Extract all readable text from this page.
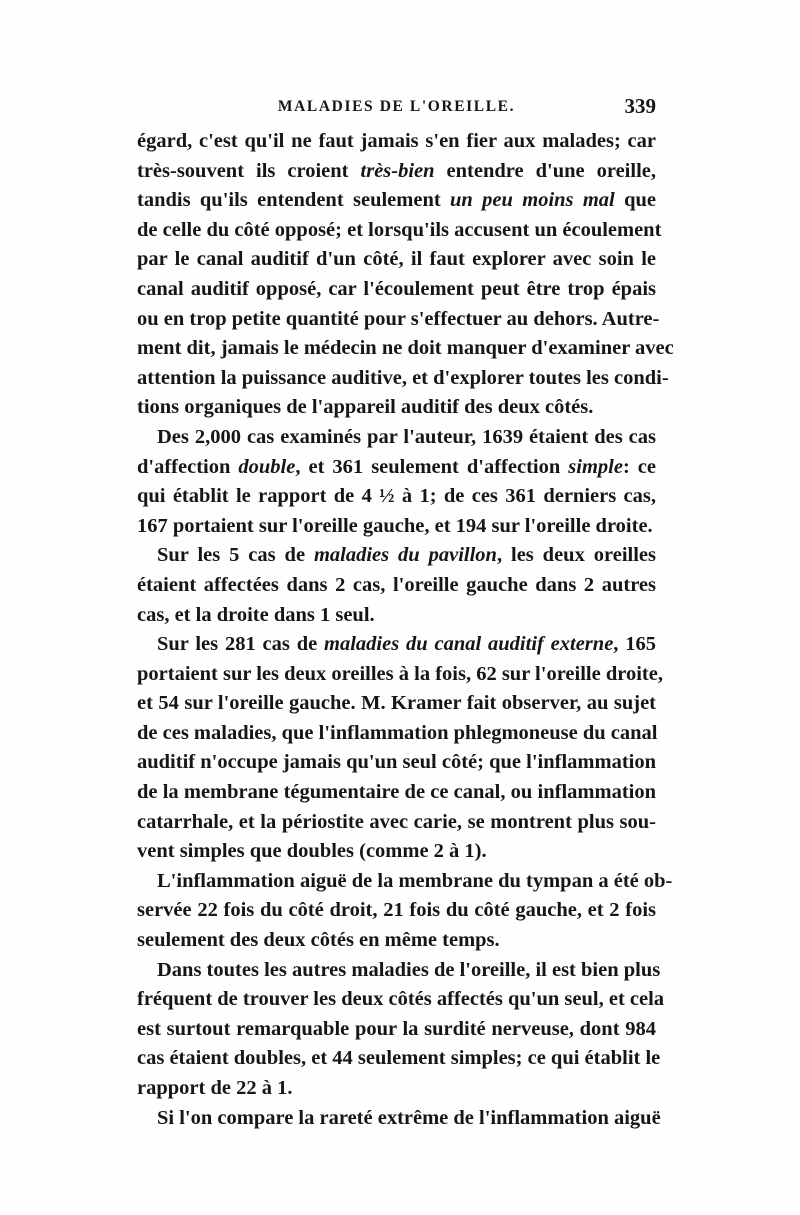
MALADIES DE L'OREILLE.	339
égard, c'est qu'il ne faut jamais s'en fier aux malades; car
très-souvent ils croient très-bien entendre d'une oreille,
tandis qu'ils entendent seulement un peu moins mal que
de celle du côté opposé; et lorsqu'ils accusent un écoulement
par le canal auditif d'un côté, il faut explorer avec soin le
canal auditif opposé, car l'écoulement peut être trop épais
ou en trop petite quantité pour s'effectuer au dehors. Autre-
ment dit, jamais le médecin ne doit manquer d'examiner avec
attention la puissance auditive, et d'explorer toutes les condi-
tions organiques de l'appareil auditif des deux côtés.
Des 2,000 cas examinés par l'auteur, 1639 étaient des cas
d'affection double, et 361 seulement d'affection simple: ce
qui établit le rapport de 4 ½ à 1; de ces 361 derniers cas,
167 portaient sur l'oreille gauche, et 194 sur l'oreille droite.
Sur les 5 cas de maladies du pavillon, les deux oreilles
étaient affectées dans 2 cas, l'oreille gauche dans 2 autres
cas, et la droite dans 1 seul.
Sur les 281 cas de maladies du canal auditif externe, 165
portaient sur les deux oreilles à la fois, 62 sur l'oreille droite,
et 54 sur l'oreille gauche. M. Kramer fait observer, au sujet
de ces maladies, que l'inflammation phlegmoneuse du canal
auditif n'occupe jamais qu'un seul côté; que l'inflammation
de la membrane tégumentaire de ce canal, ou inflammation
catarrhale, et la périostite avec carie, se montrent plus sou-
vent simples que doubles (comme 2 à 1).
L'inflammation aiguë de la membrane du tympan a été ob-
servée 22 fois du côté droit, 21 fois du côté gauche, et 2 fois
seulement des deux côtés en même temps.
Dans toutes les autres maladies de l'oreille, il est bien plus
fréquent de trouver les deux côtés affectés qu'un seul, et cela
est surtout remarquable pour la surdité nerveuse, dont 984
cas étaient doubles, et 44 seulement simples; ce qui établit le
rapport de 22 à 1.
Si l'on compare la rareté extrême de l'inflammation aiguë
